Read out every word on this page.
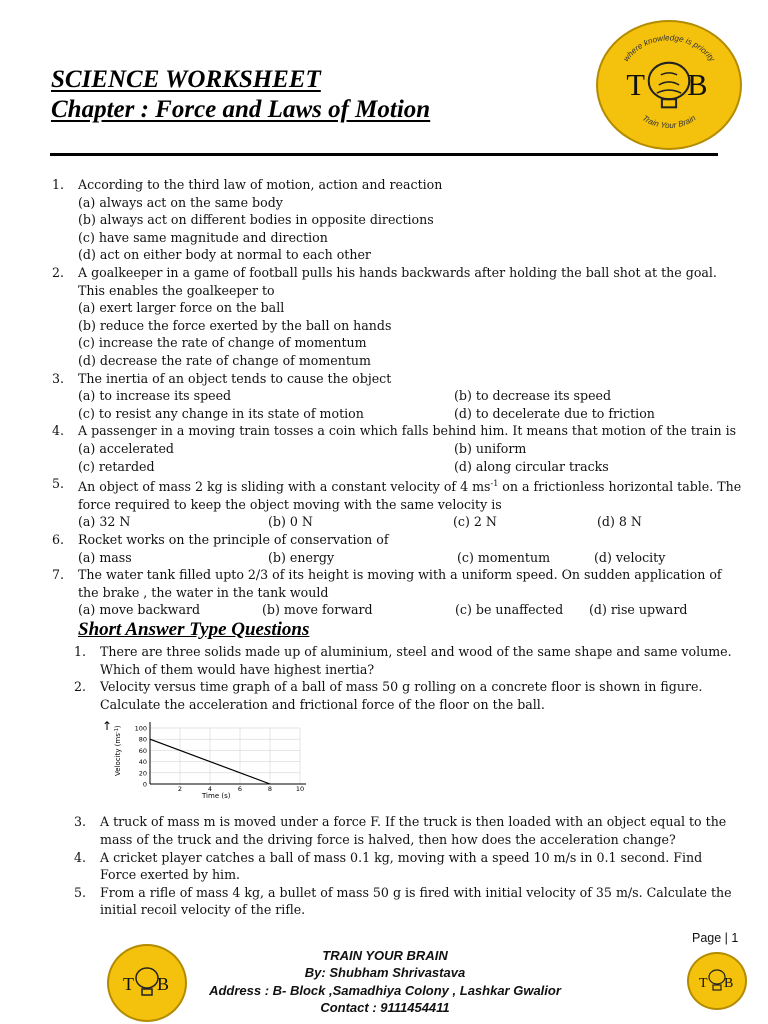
SCIENCE WORKSHEET
Chapter : Force and Laws of Motion
where knowledge is priority
T B
Train Your Brain
1.	According to the third law of motion, action and reaction
(a) always act on the same body
(b) always act on different bodies in opposite directions
(c) have same magnitude and direction
(d) act on either body at normal to each other
2.	A goalkeeper in a game of football pulls his hands backwards after holding the ball shot at the goal. This enables the goalkeeper to
(a) exert larger force on the ball
(b) reduce the force exerted by the ball on hands
(c) increase the rate of change of momentum
(d) decrease the rate of change of momentum
3.	The inertia of an object tends to cause the object
(a) to increase its speed	(b) to decrease its speed
(c) to resist any change in its state of motion	(d) to decelerate due to friction
4.	A passenger in a moving train tosses a coin which falls behind him. It means that motion of the train is
(a) accelerated	(b) uniform
(c) retarded	(d) along circular tracks
5.	An object of mass 2 kg is sliding with a constant velocity of 4 $ms^{-1}$ on a frictionless horizontal table. The force required to keep the object moving with the same velocity is
(a) 32 N	(b) 0 N	(c) 2 N	(d) 8 N
6.	Rocket works on the principle of conservation of
(a) mass	(b) energy	(c) momentum	(d) velocity
7.	The water tank filled upto 2/3 of its height is moving with a uniform speed. On sudden application of the brake , the water in the tank would
(a) move backward	(b) move forward	(c) be unaffected	(d) rise upward
Short Answer Type Questions
1.	There are three solids made up of aluminium, steel and wood of the same shape and same volume. Which of them would have highest inertia?
2.	Velocity versus time graph of a ball of mass 50 g rolling on a concrete floor is shown in figure. Calculate the acceleration and frictional force of the floor on the ball.
3.	A truck of mass m is moved under a force F. If the truck is then loaded with an object equal to the mass of the truck and the driving force is halved, then how does the acceleration change?
4.	A cricket player catches a ball of mass 0.1 kg, moving with a speed 10 m/s in 0.1 second. Find Force exerted by him.
5.	From a rifle of mass 4 kg, a bullet of mass 50 g is fired with initial velocity of 35 m/s. Calculate the initial recoil velocity of the rifle.
↑
Velocity $(ms^{-1})$ 100
80
60
40
20
0
2	4	6	8	10
Time (s)
Page | 1
T B	T B
TRAIN YOUR BRAIN
By: Shubham Shrivastava
Address : B- Block ,Samadhiya Colony , Lashkar Gwalior
Contact : 9111454411
